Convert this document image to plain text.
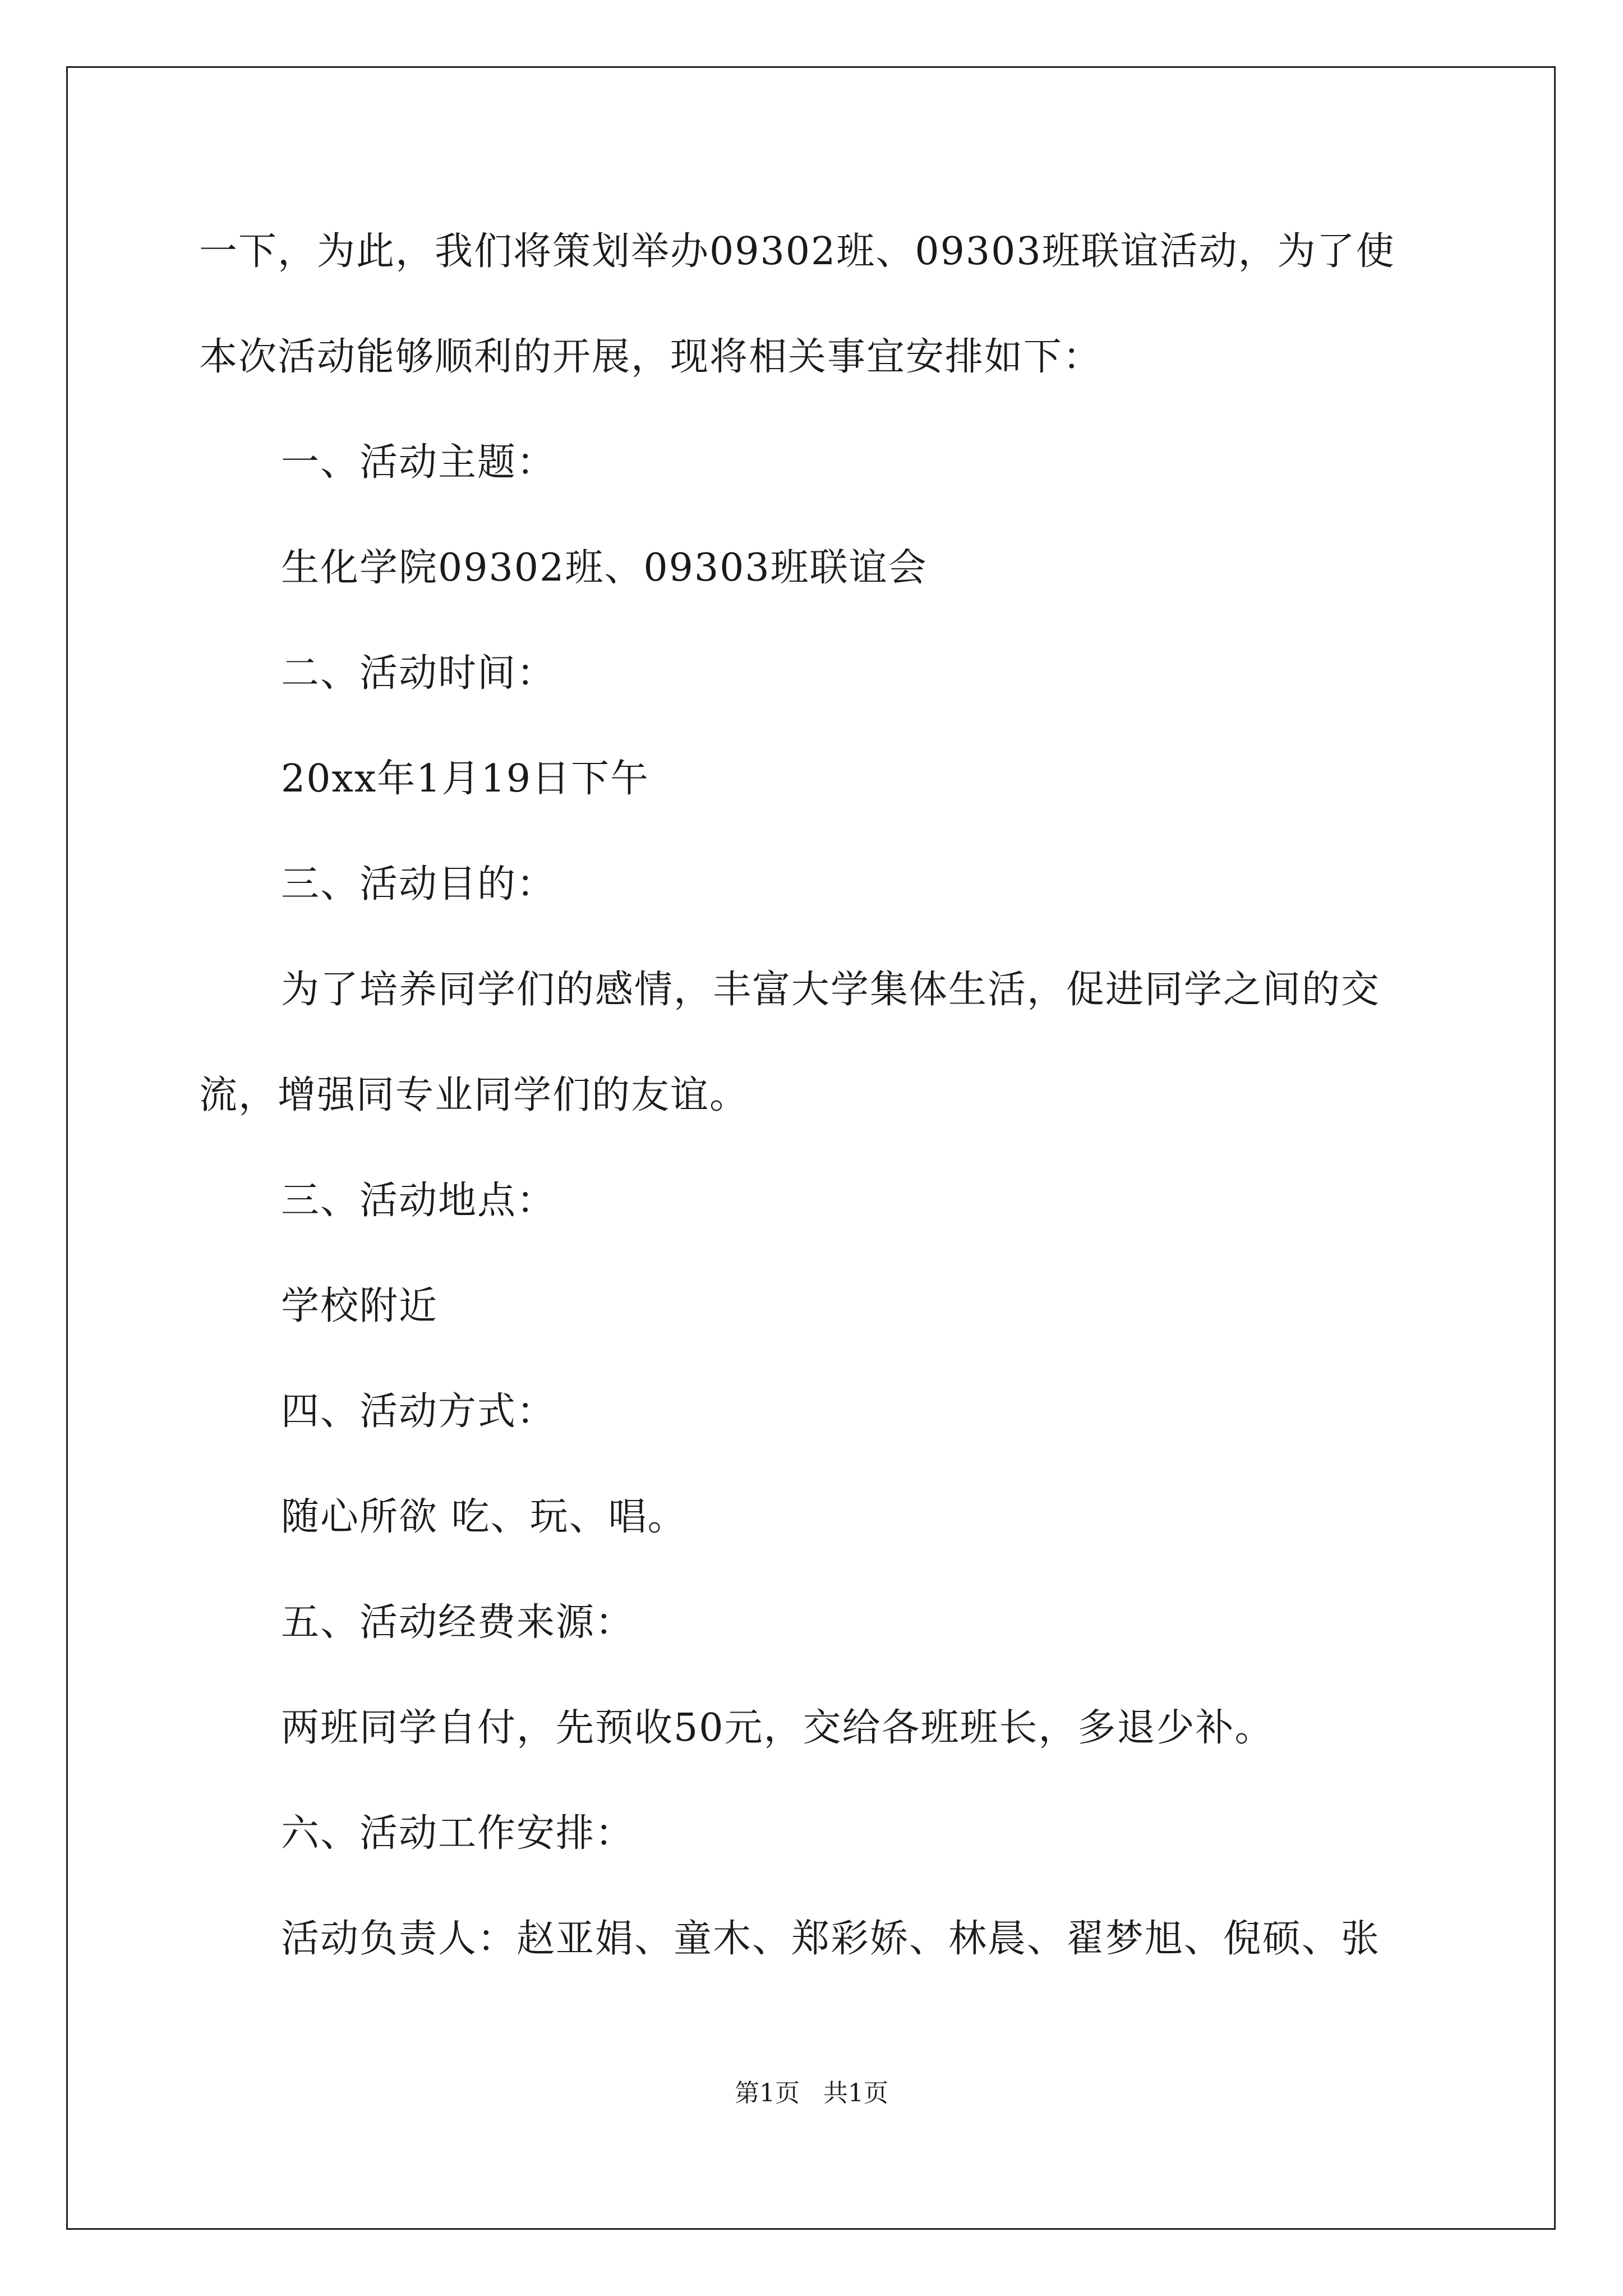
一下，为此，我们将策划举办09302班、09303班联谊活动，为了使

本次活动能够顺利的开展，现将相关事宜安排如下：

一、活动主题：

生化学院09302班、09303班联谊会

二、活动时间：

20xx年1月19日下午

三、活动目的：

为了培养同学们的感情，丰富大学集体生活，促进同学之间的交

流，增强同专业同学们的友谊。

三、活动地点：

学校附近

四、活动方式：

随心所欲 吃、玩、唱。

五、活动经费来源：

两班同学自付，先预收50元，交给各班班长，多退少补。

六、活动工作安排：

活动负责人：赵亚娟、童木、郑彩娇、林晨、翟梦旭、倪硕、张

第1页 共1页
